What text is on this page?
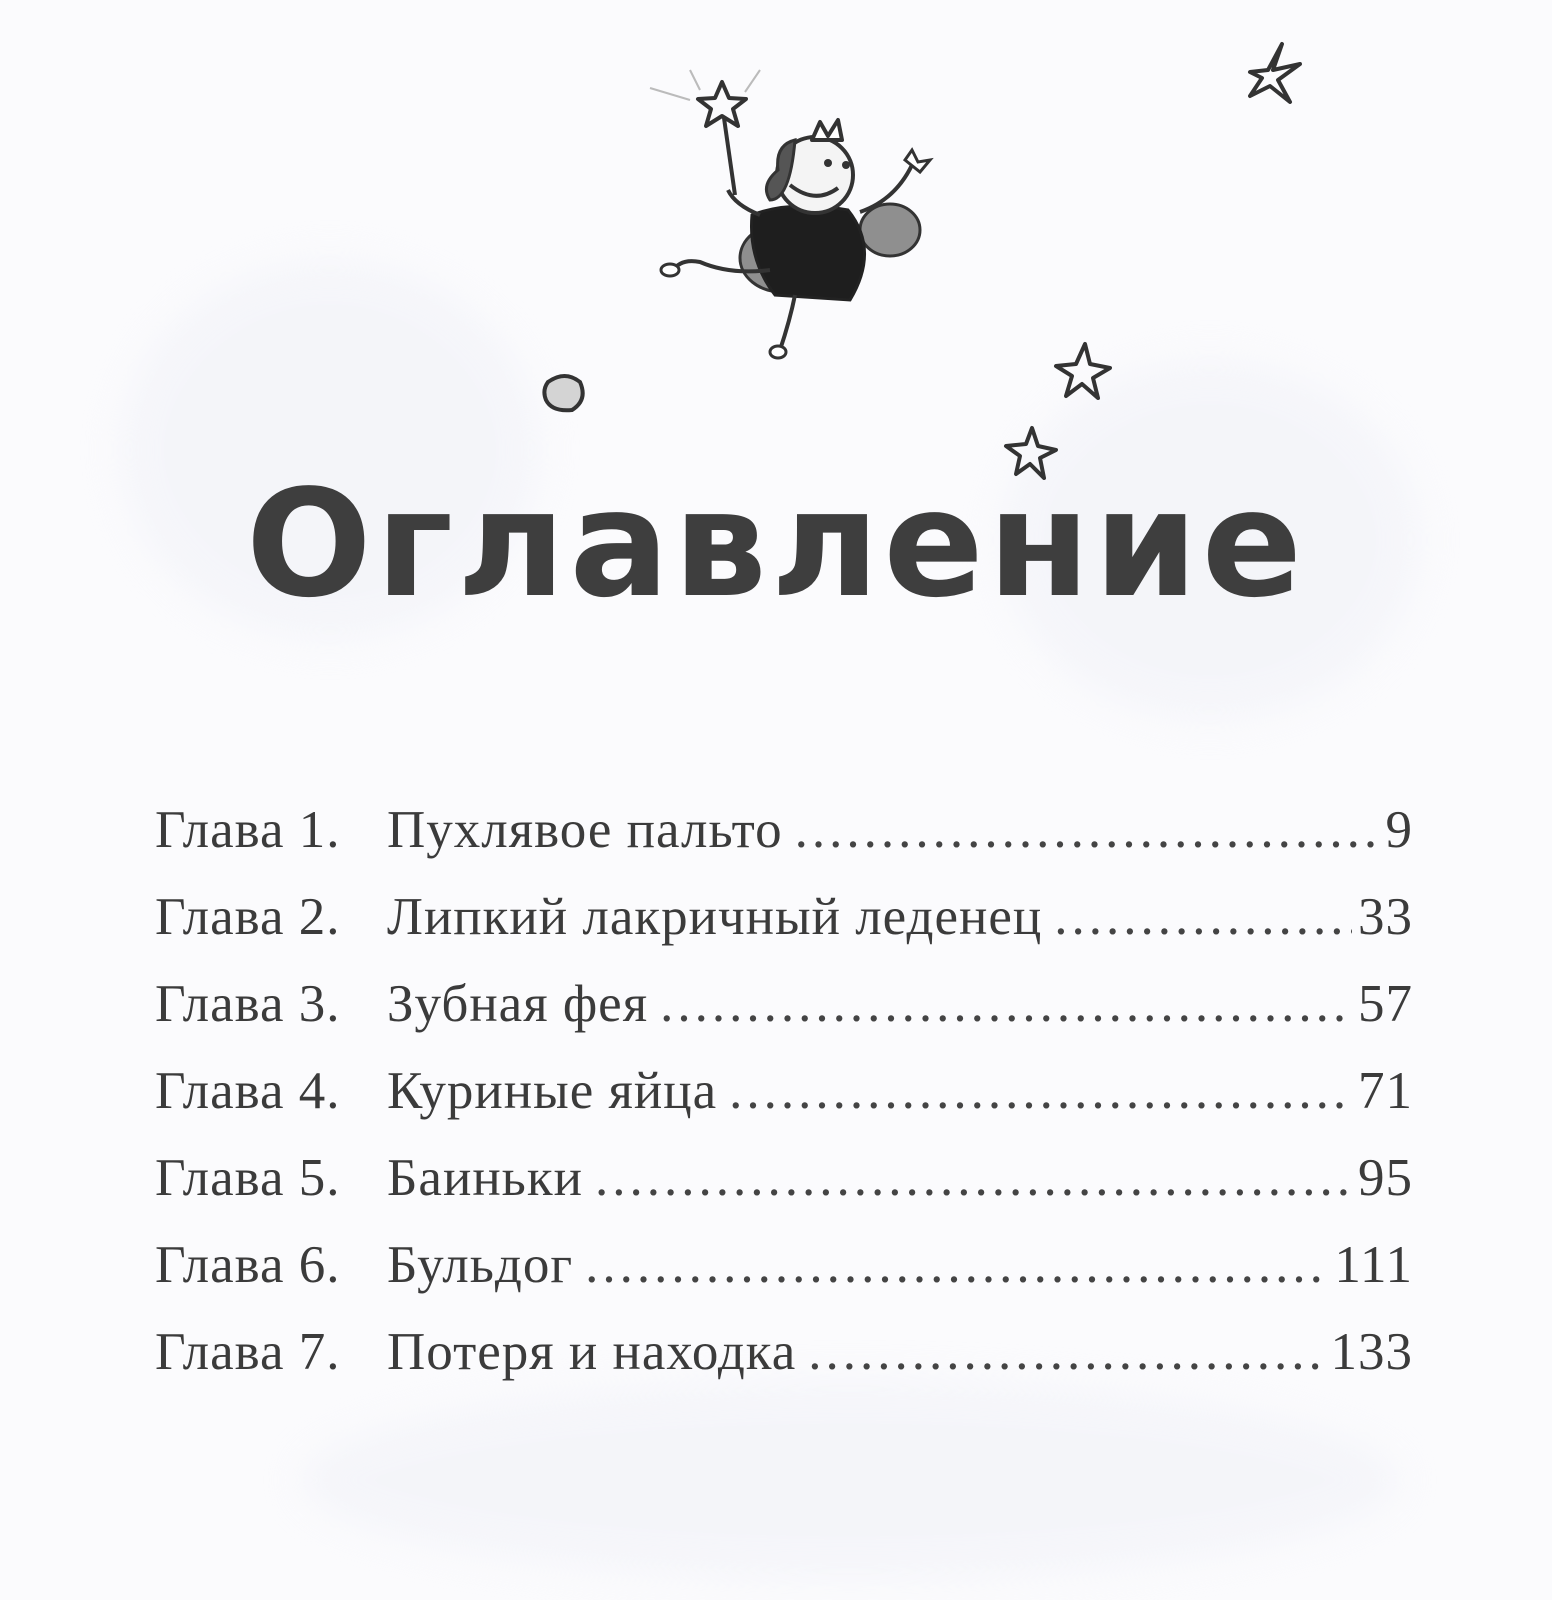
Оглавление
Глава 1. Пухлявое пальто .....	9
Глава 2. Липкий лакричный леденец .....	33
Глава 3. Зубная фея .....	57
Глава 4. Куриные яйца .....	71
Глава 5. Баиньки .....	95
Глава 6. Бульдог .....	111
Глава 7. Потеря и находка .....	133
